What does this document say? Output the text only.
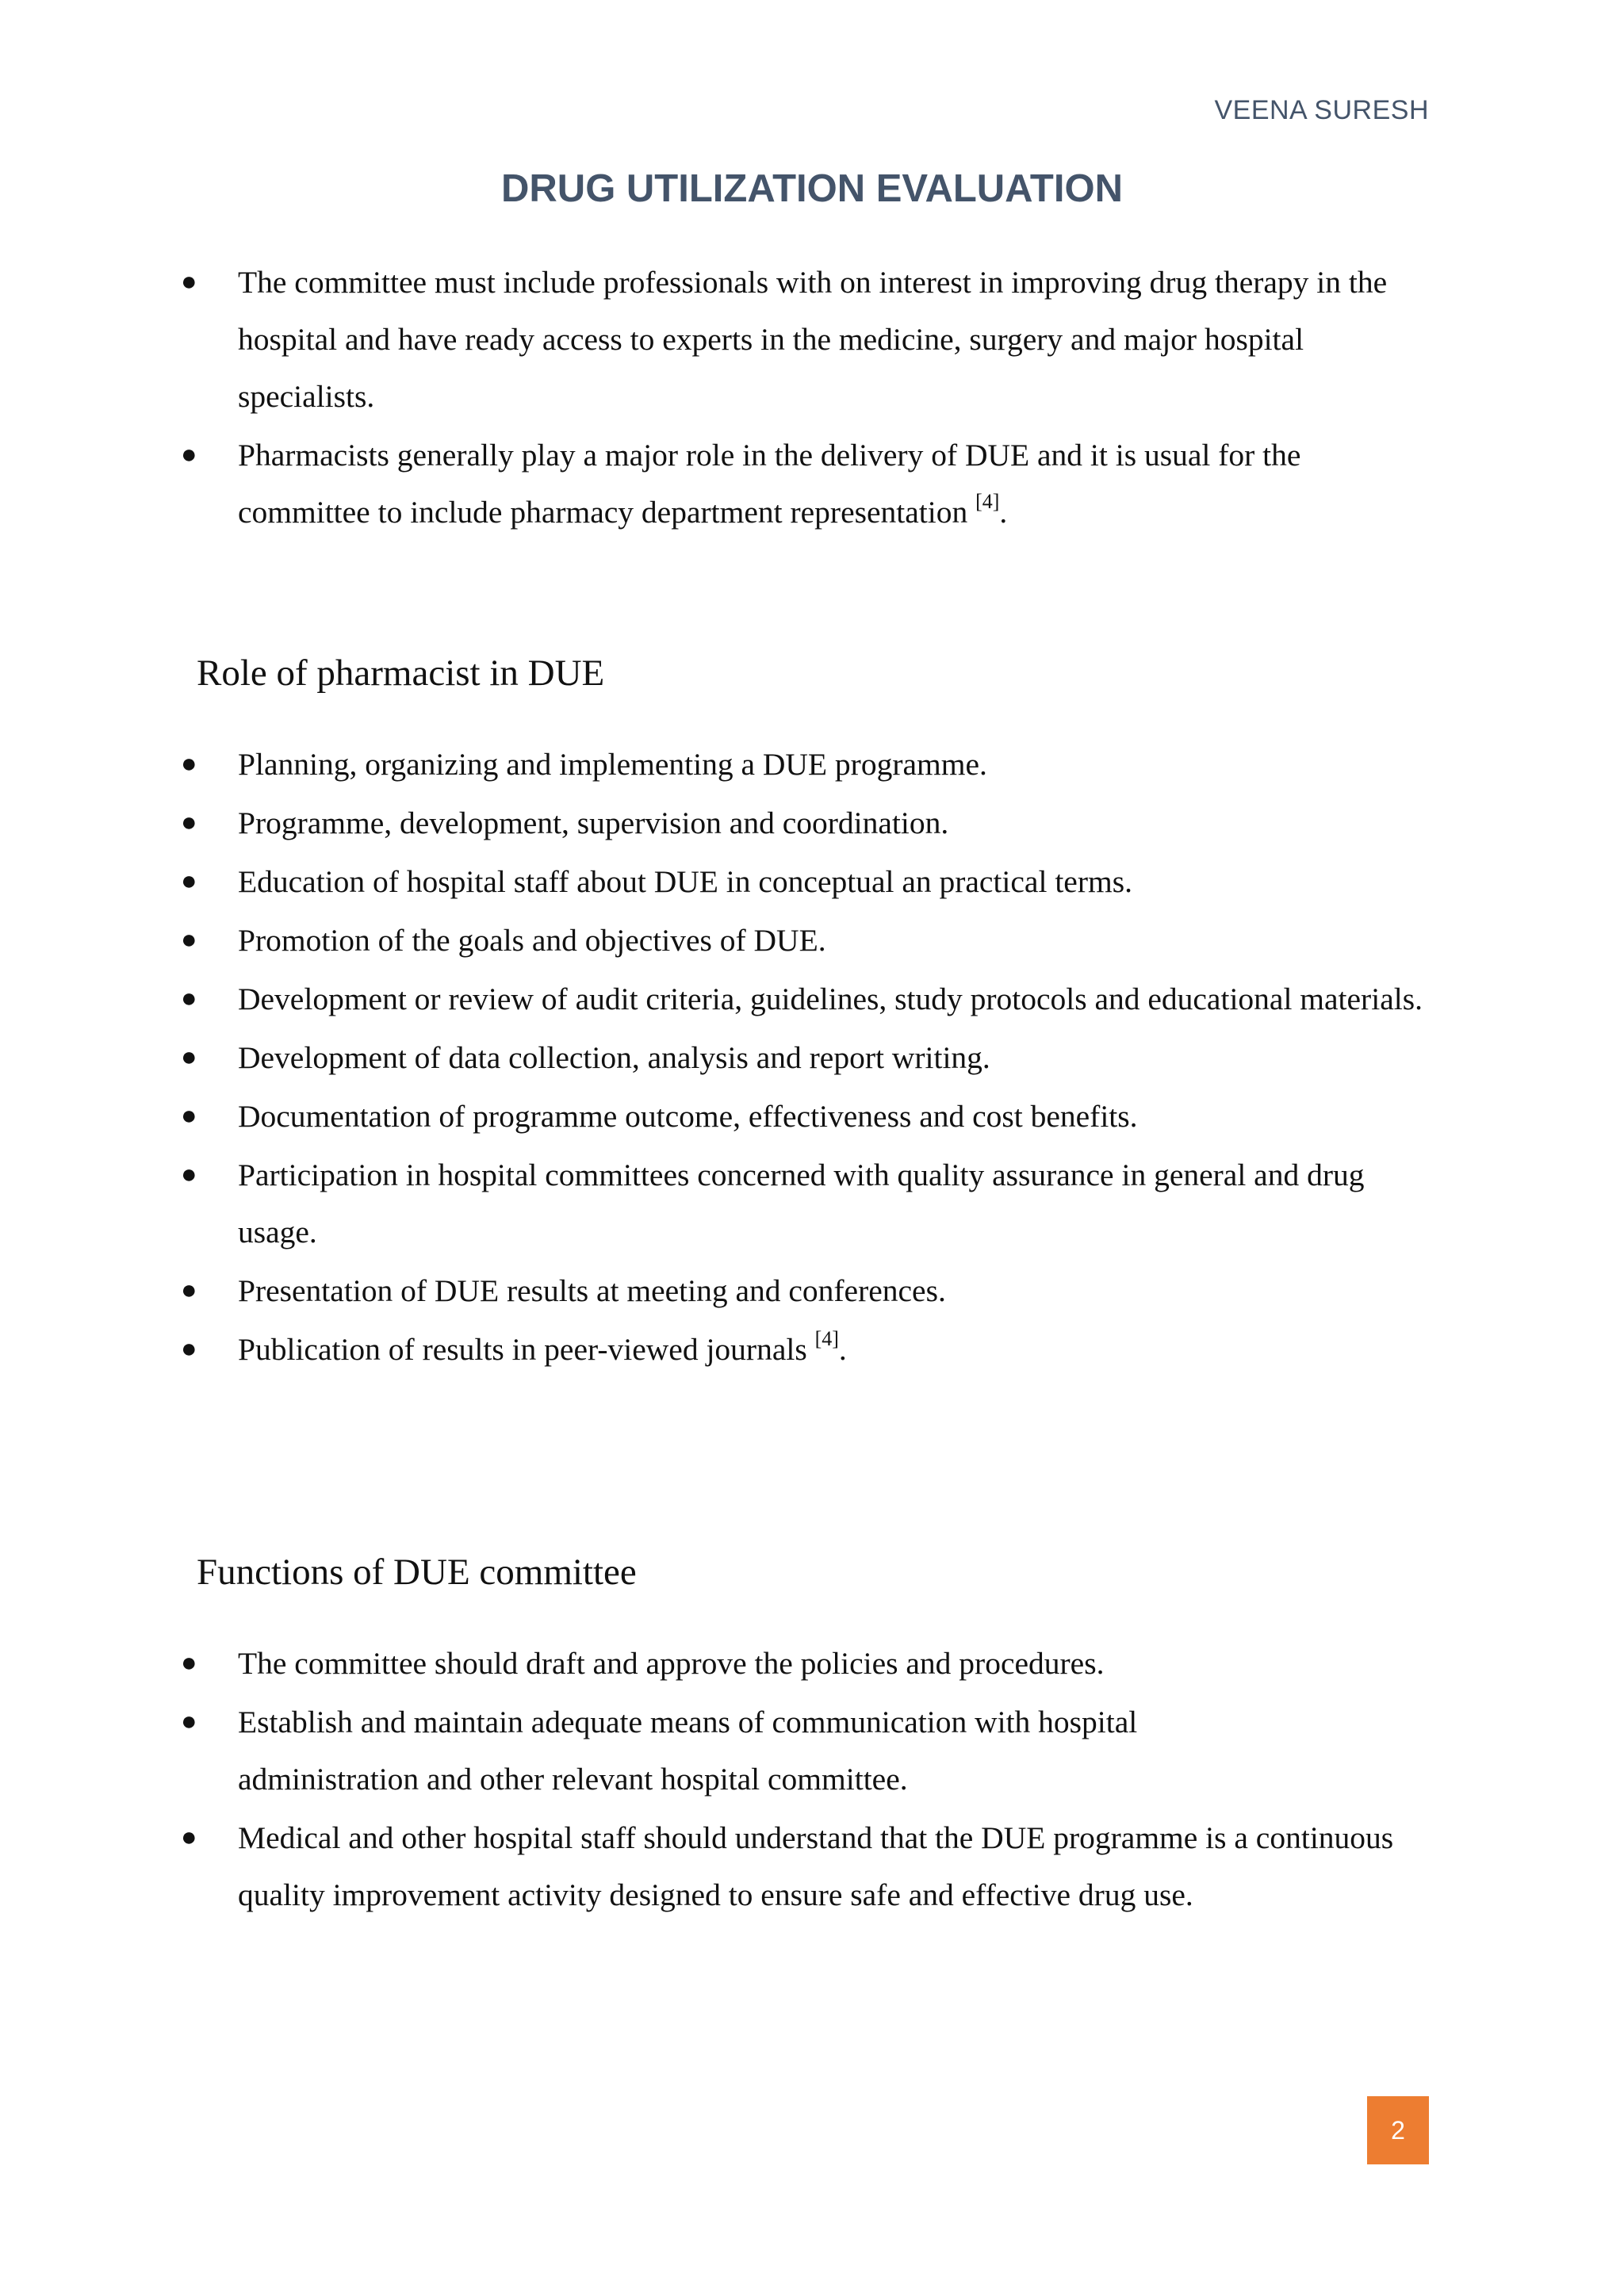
VEENA SURESH
DRUG UTILIZATION EVALUATION
● The committee must include professionals with on interest in improving drug therapy in the hospital and have ready access to experts in the medicine, surgery and major hospital specialists.
● Pharmacists generally play a major role in the delivery of DUE and it is usual for the committee to include pharmacy department representation [4].
Role of pharmacist in DUE
● Planning, organizing and implementing a DUE programme.
● Programme, development, supervision and coordination.
● Education of hospital staff about DUE in conceptual an practical terms.
● Promotion of the goals and objectives of DUE.
● Development or review of audit criteria, guidelines, study protocols and educational materials.
● Development of data collection, analysis and report writing.
● Documentation of programme outcome, effectiveness and cost benefits.
● Participation in hospital committees concerned with quality assurance in general and drug usage.
● Presentation of DUE results at meeting and conferences.
● Publication of results in peer-viewed journals [4].
Functions of DUE committee
● The committee should draft and approve the policies and procedures.
● Establish and maintain adequate means of communication with hospital administration and other relevant hospital committee.
● Medical and other hospital staff should understand that the DUE programme is a continuous quality improvement activity designed to ensure safe and effective drug use.
2
